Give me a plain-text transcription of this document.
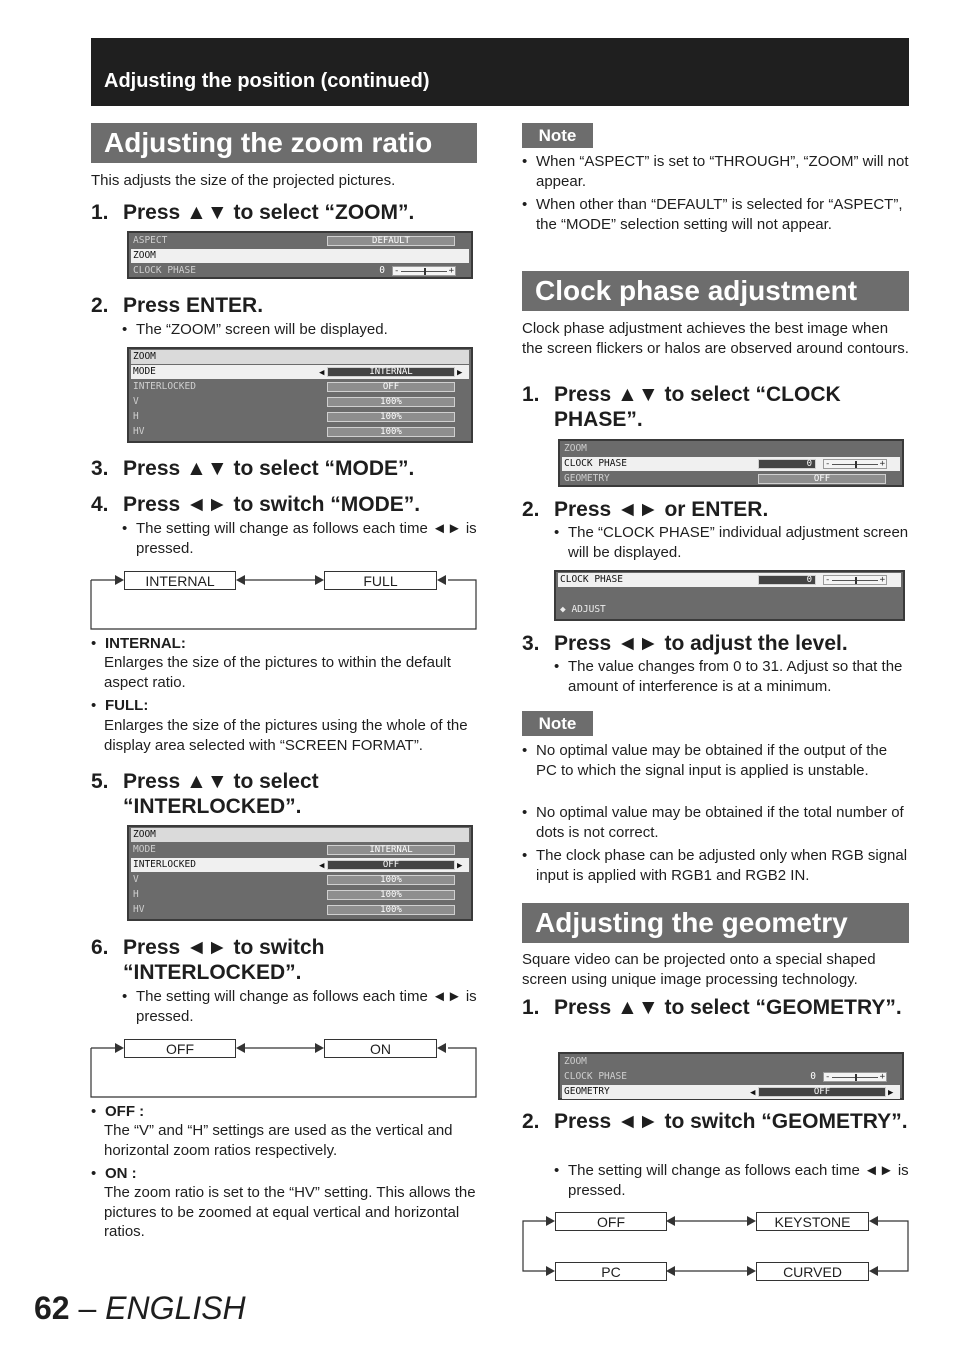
Adjusting the position (continued)
Adjusting the zoom ratio
This adjusts the size of the projected pictures.
1. Press ▲▼ to select “ZOOM”.
ASPECT	DEFAULT
ZOOM
CLOCK PHASE	0 -	+
2. Press ENTER.
• The “ZOOM” screen will be displayed.
ZOOM
MODE	◀	INTERNAL	▶
INTERLOCKED	OFF
V	100%
H	100%
HV	100%
3. Press ▲▼ to select “MODE”.
4. Press ◄► to switch “MODE”.
• The setting will change as follows each time ◄► is pressed.
INTERNAL	FULL
• INTERNAL:
Enlarges the size of the pictures to within the default aspect ratio.
• FULL:
Enlarges the size of the pictures using the whole of the display area selected with “SCREEN FORMAT”.
5. Press ▲▼ to select “INTERLOCKED”.
ZOOM
MODE	INTERNAL
INTERLOCKED	◀	OFF	▶
V	100%
H	100%
HV	100%
6. Press ◄► to switch “INTERLOCKED”.
• The setting will change as follows each time ◄► is pressed.
OFF	ON
• OFF :
The “V” and “H” settings are used as the vertical and horizontal zoom ratios respectively.
• ON :
The zoom ratio is set to the “HV” setting. This allows the pictures to be zoomed at equal vertical and horizontal ratios.
Note
• When “ASPECT” is set to “THROUGH”, “ZOOM” will not appear.
• When other than “DEFAULT” is selected for “ASPECT”, the “MODE” selection setting will not appear.
Clock phase adjustment
Clock phase adjustment achieves the best image when the screen flickers or halos are observed around contours.
1. Press ▲▼ to select “CLOCK PHASE”.
ZOOM
CLOCK PHASE	0	-	+
GEOMETRY	OFF
2. Press ◄► or ENTER.
• The “CLOCK PHASE” individual adjustment screen will be displayed.
CLOCK PHASE	0	-	+
◆ ADJUST
3. Press ◄► to adjust the level.
• The value changes from 0 to 31. Adjust so that the amount of interference is at a minimum.
Note
• No optimal value may be obtained if the output of the PC to which the signal input is applied is unstable.
• No optimal value may be obtained if the total number of dots is not correct.
• The clock phase can be adjusted only when RGB signal input is applied with RGB1 and RGB2 IN.
Adjusting the geometry
Square video can be projected onto a special shaped screen using unique image processing technology.
1. Press ▲▼ to select “GEOMETRY”.
ZOOM
CLOCK PHASE	0 -	+
GEOMETRY	◀	OFF	▶
2. Press ◄► to switch “GEOMETRY”.
• The setting will change as follows each time ◄► is pressed.
OFF	KEYSTONE
PC	CURVED
62 – ENGLISH
